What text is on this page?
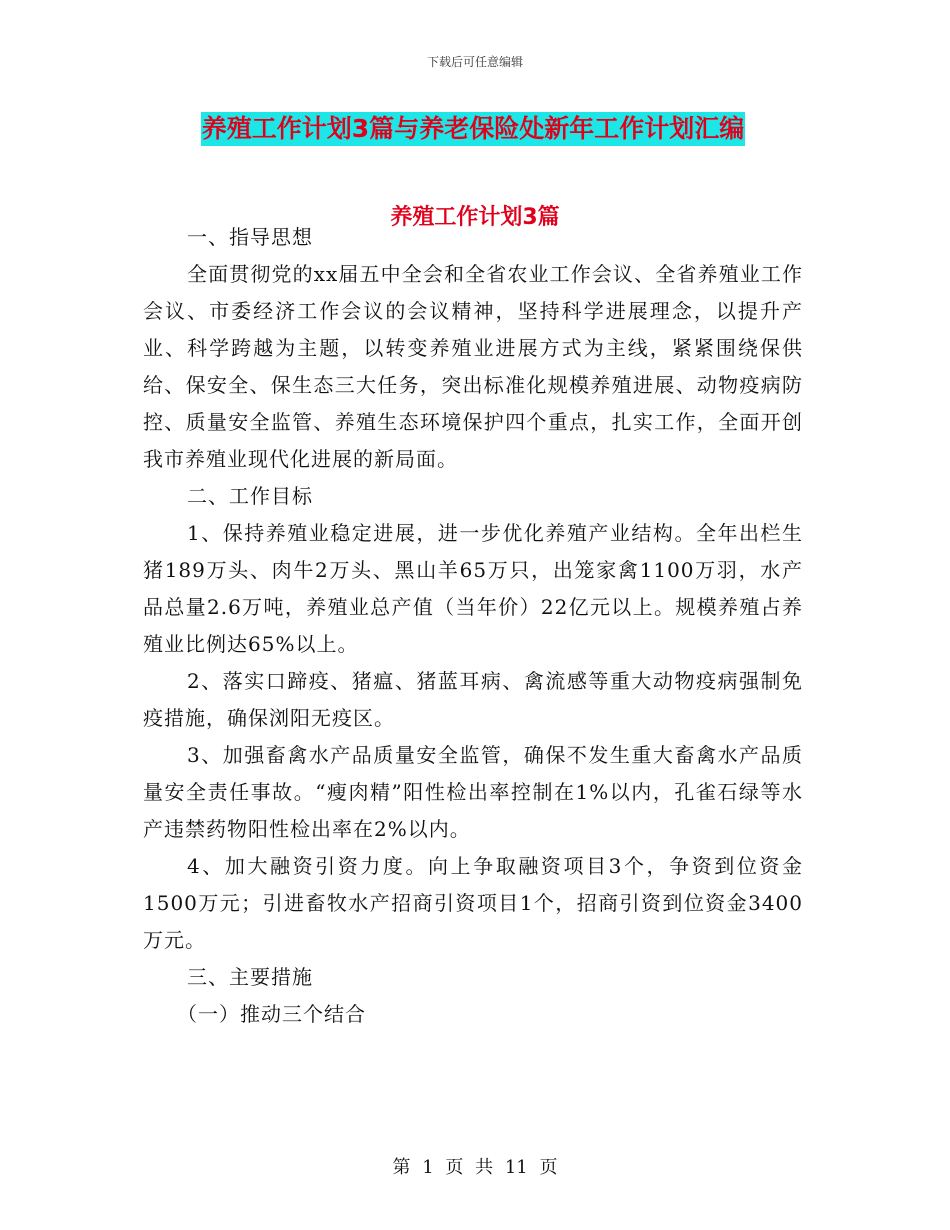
下载后可任意编辑
养殖工作计划3篇与养老保险处新年工作计划汇编
养殖工作计划3篇

一、指导思想

全面贯彻党的xx届五中全会和全省农业工作会议、全省养殖业工作会议、市委经济工作会议的会议精神，坚持科学进展理念，以提升产业、科学跨越为主题，以转变养殖业进展方式为主线，紧紧围绕保供给、保安全、保生态三大任务，突出标准化规模养殖进展、动物疫病防控、质量安全监管、养殖生态环境保护四个重点，扎实工作，全面开创我市养殖业现代化进展的新局面。

二、工作目标

1、保持养殖业稳定进展，进一步优化养殖产业结构。全年出栏生猪189万头、肉牛2万头、黑山羊65万只，出笼家禽1100万羽，水产品总量2.6万吨，养殖业总产值（当年价）22亿元以上。规模养殖占养殖业比例达65%以上。

2、落实口蹄疫、猪瘟、猪蓝耳病、禽流感等重大动物疫病强制免疫措施，确保浏阳无疫区。

3、加强畜禽水产品质量安全监管，确保不发生重大畜禽水产品质量安全责任事故。“瘦肉精”阳性检出率控制在1%以内，孔雀石绿等水产违禁药物阳性检出率在2%以内。

4、加大融资引资力度。向上争取融资项目3个，争资到位资金1500万元；引进畜牧水产招商引资项目1个，招商引资到位资金3400万元。

三、主要措施

（一）推动三个结合

第 1 页 共 11 页
